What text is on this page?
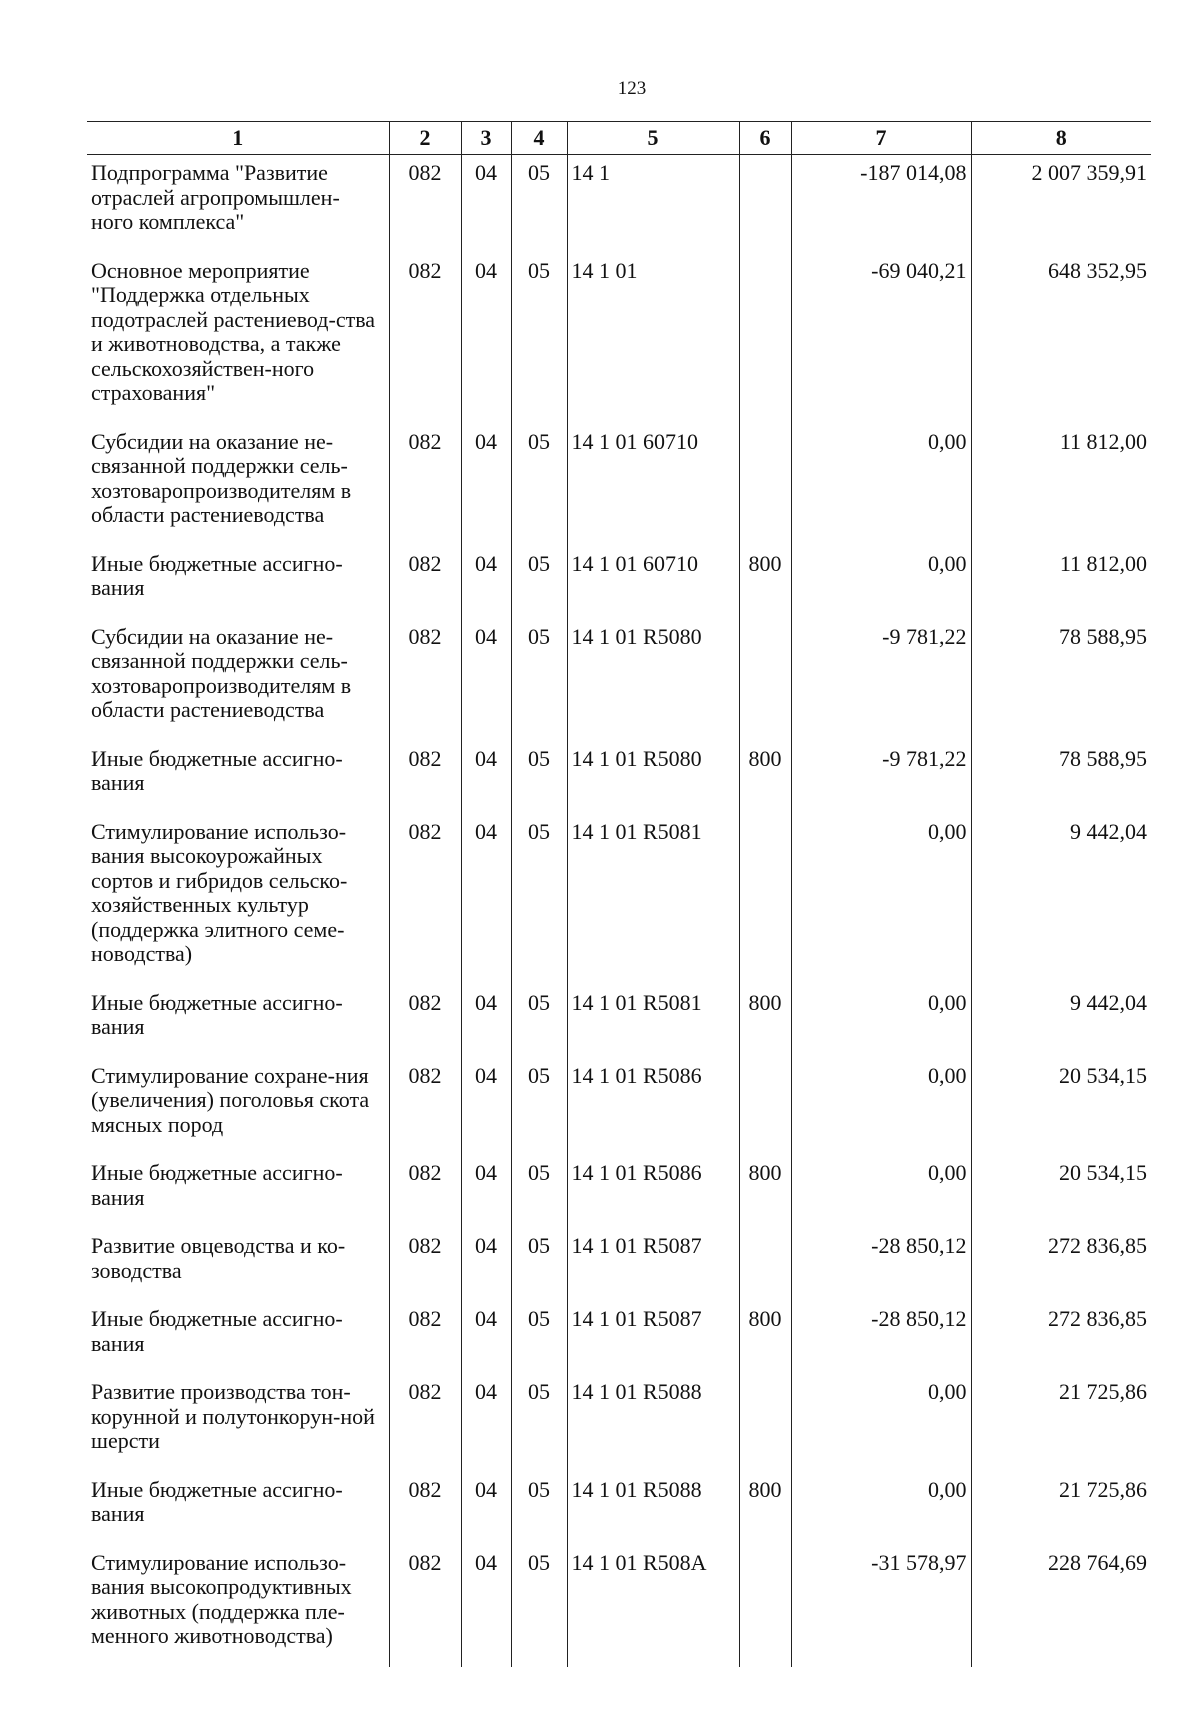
123
1	2	3	4	5	6	7	8
Подпрограмма "Развитие отраслей агропромышлен-ного комплекса"	082	04	05	14 1		-187 014,08	2 007 359,91
Основное мероприятие "Поддержка отдельных подотраслей растениевод-ства и животноводства, а также сельскохозяйствен-ного страхования"	082	04	05	14 1 01		-69 040,21	648 352,95
Субсидии на оказание не-связанной поддержки сель-хозтоваропроизводителям в области растениеводства	082	04	05	14 1 01 60710		0,00	11 812,00
Иные бюджетные ассигно-вания	082	04	05	14 1 01 60710	800	0,00	11 812,00
Субсидии на оказание не-связанной поддержки сель-хозтоваропроизводителям в области растениеводства	082	04	05	14 1 01 R5080		-9 781,22	78 588,95
Иные бюджетные ассигно-вания	082	04	05	14 1 01 R5080	800	-9 781,22	78 588,95
Стимулирование использо-вания высокоурожайных сортов и гибридов сельско-хозяйственных культур (поддержка элитного семе-новодства)	082	04	05	14 1 01 R5081		0,00	9 442,04
Иные бюджетные ассигно-вания	082	04	05	14 1 01 R5081	800	0,00	9 442,04
Стимулирование сохране-ния (увеличения) поголовья скота мясных пород	082	04	05	14 1 01 R5086		0,00	20 534,15
Иные бюджетные ассигно-вания	082	04	05	14 1 01 R5086	800	0,00	20 534,15
Развитие овцеводства и ко-зоводства	082	04	05	14 1 01 R5087		-28 850,12	272 836,85
Иные бюджетные ассигно-вания	082	04	05	14 1 01 R5087	800	-28 850,12	272 836,85
Развитие производства тон-корунной и полутонкорун-ной шерсти	082	04	05	14 1 01 R5088		0,00	21 725,86
Иные бюджетные ассигно-вания	082	04	05	14 1 01 R5088	800	0,00	21 725,86
Стимулирование использо-вания высокопродуктивных животных (поддержка пле-менного животноводства)	082	04	05	14 1 01 R508A		-31 578,97	228 764,69
